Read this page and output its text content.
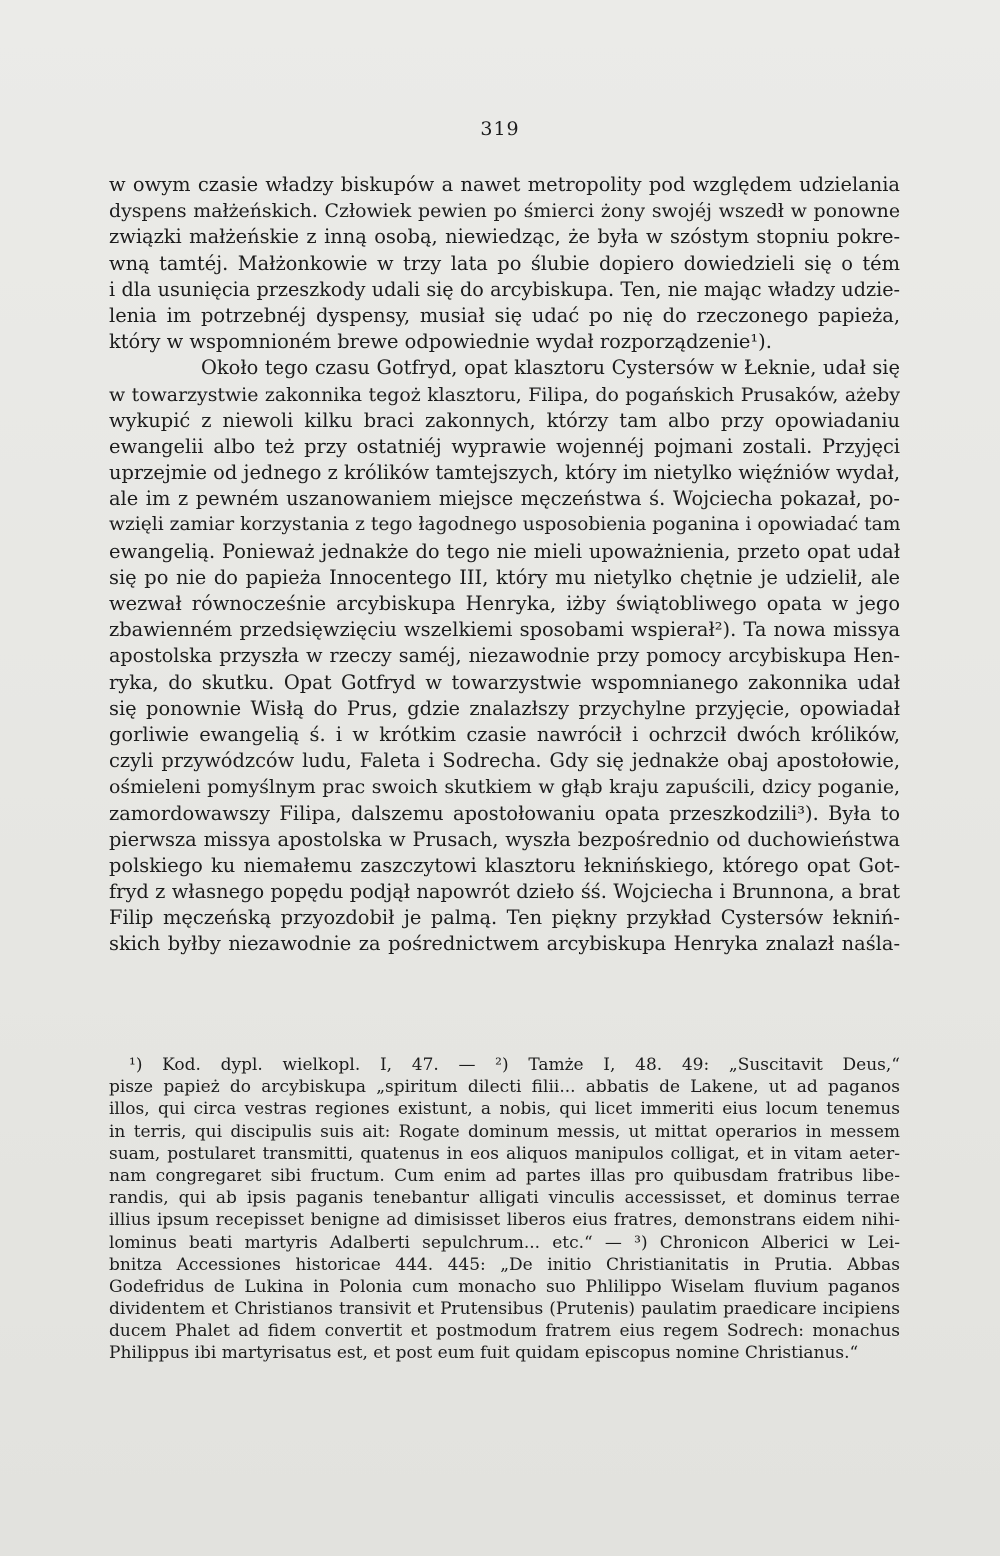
319
w owym czasie władzy biskupów a nawet metropolity pod względem udzielania
dyspens małżeńskich. Człowiek pewien po śmierci żony swojéj wszedł w ponowne
związki małżeńskie z inną osobą, niewiedząc, że była w szóstym stopniu pokre-
wną tamtéj. Małżonkowie w trzy lata po ślubie dopiero dowiedzieli się o tém
i dla usunięcia przeszkody udali się do arcybiskupa. Ten, nie mając władzy udzie-
lenia im potrzebnéj dyspensy, musiał się udać po nię do rzeczonego papieża,
który w wspomnioném brewe odpowiednie wydał rozporządzenie¹).
Około tego czasu Gotfryd, opat klasztoru Cystersów w Łeknie, udał się
w towarzystwie zakonnika tegoż klasztoru, Filipa, do pogańskich Prusaków, ażeby
wykupić z niewoli kilku braci zakonnych, którzy tam albo przy opowiadaniu
ewangelii albo też przy ostatniéj wyprawie wojennéj pojmani zostali. Przyjęci
uprzejmie od jednego z królików tamtejszych, który im nietylko więźniów wydał,
ale im z pewném uszanowaniem miejsce męczeństwa ś. Wojciecha pokazał, po-
wzięli zamiar korzystania z tego łagodnego usposobienia poganina i opowiadać tam
ewangelią. Ponieważ jednakże do tego nie mieli upoważnienia, przeto opat udał
się po nie do papieża Innocentego III, który mu nietylko chętnie je udzielił, ale
wezwał równocześnie arcybiskupa Henryka, iżby świątobliwego opata w jego
zbawienném przedsięwzięciu wszelkiemi sposobami wspierał²). Ta nowa missya
apostolska przyszła w rzeczy saméj, niezawodnie przy pomocy arcybiskupa Hen-
ryka, do skutku. Opat Gotfryd w towarzystwie wspomnianego zakonnika udał
się ponownie Wisłą do Prus, gdzie znalazłszy przychylne przyjęcie, opowiadał
gorliwie ewangelią ś. i w krótkim czasie nawrócił i ochrzcił dwóch królików,
czyli przywódzców ludu, Faleta i Sodrecha. Gdy się jednakże obaj apostołowie,
ośmieleni pomyślnym prac swoich skutkiem w głąb kraju zapuścili, dzicy poganie,
zamordowawszy Filipa, dalszemu apostołowaniu opata przeszkodzili³). Była to
pierwsza missya apostolska w Prusach, wyszła bezpośrednio od duchowieństwa
polskiego ku niemałemu zaszczytowi klasztoru łeknińskiego, którego opat Got-
fryd z własnego popędu podjął napowrót dzieło śś. Wojciecha i Brunnona, a brat
Filip męczeńską przyozdobił je palmą. Ten piękny przykład Cystersów łekniń-
skich byłby niezawodnie za pośrednictwem arcybiskupa Henryka znalazł naśla-
¹) Kod. dypl. wielkopl. I, 47. — ²) Tamże I, 48. 49: „Suscitavit Deus,“
pisze papież do arcybiskupa „spiritum dilecti filii... abbatis de Lakene, ut ad paganos
illos, qui circa vestras regiones existunt, a nobis, qui licet immeriti eius locum tenemus
in terris, qui discipulis suis ait: Rogate dominum messis, ut mittat operarios in messem
suam, postularet transmitti, quatenus in eos aliquos manipulos colligat, et in vitam aeter-
nam congregaret sibi fructum. Cum enim ad partes illas pro quibusdam fratribus libe-
randis, qui ab ipsis paganis tenebantur alligati vinculis accessisset, et dominus terrae
illius ipsum recepisset benigne ad dimisisset liberos eius fratres, demonstrans eidem nihi-
lominus beati martyris Adalberti sepulchrum... etc.“ — ³) Chronicon Alberici w Lei-
bnitza Accessiones historicae 444. 445: „De initio Christianitatis in Prutia. Abbas
Godefridus de Lukina in Polonia cum monacho suo Phlilippo Wiselam fluvium paganos
dividentem et Christianos transivit et Prutensibus (Prutenis) paulatim praedicare incipiens
ducem Phalet ad fidem convertit et postmodum fratrem eius regem Sodrech: monachus
Philippus ibi martyrisatus est, et post eum fuit quidam episcopus nomine Christianus.“
